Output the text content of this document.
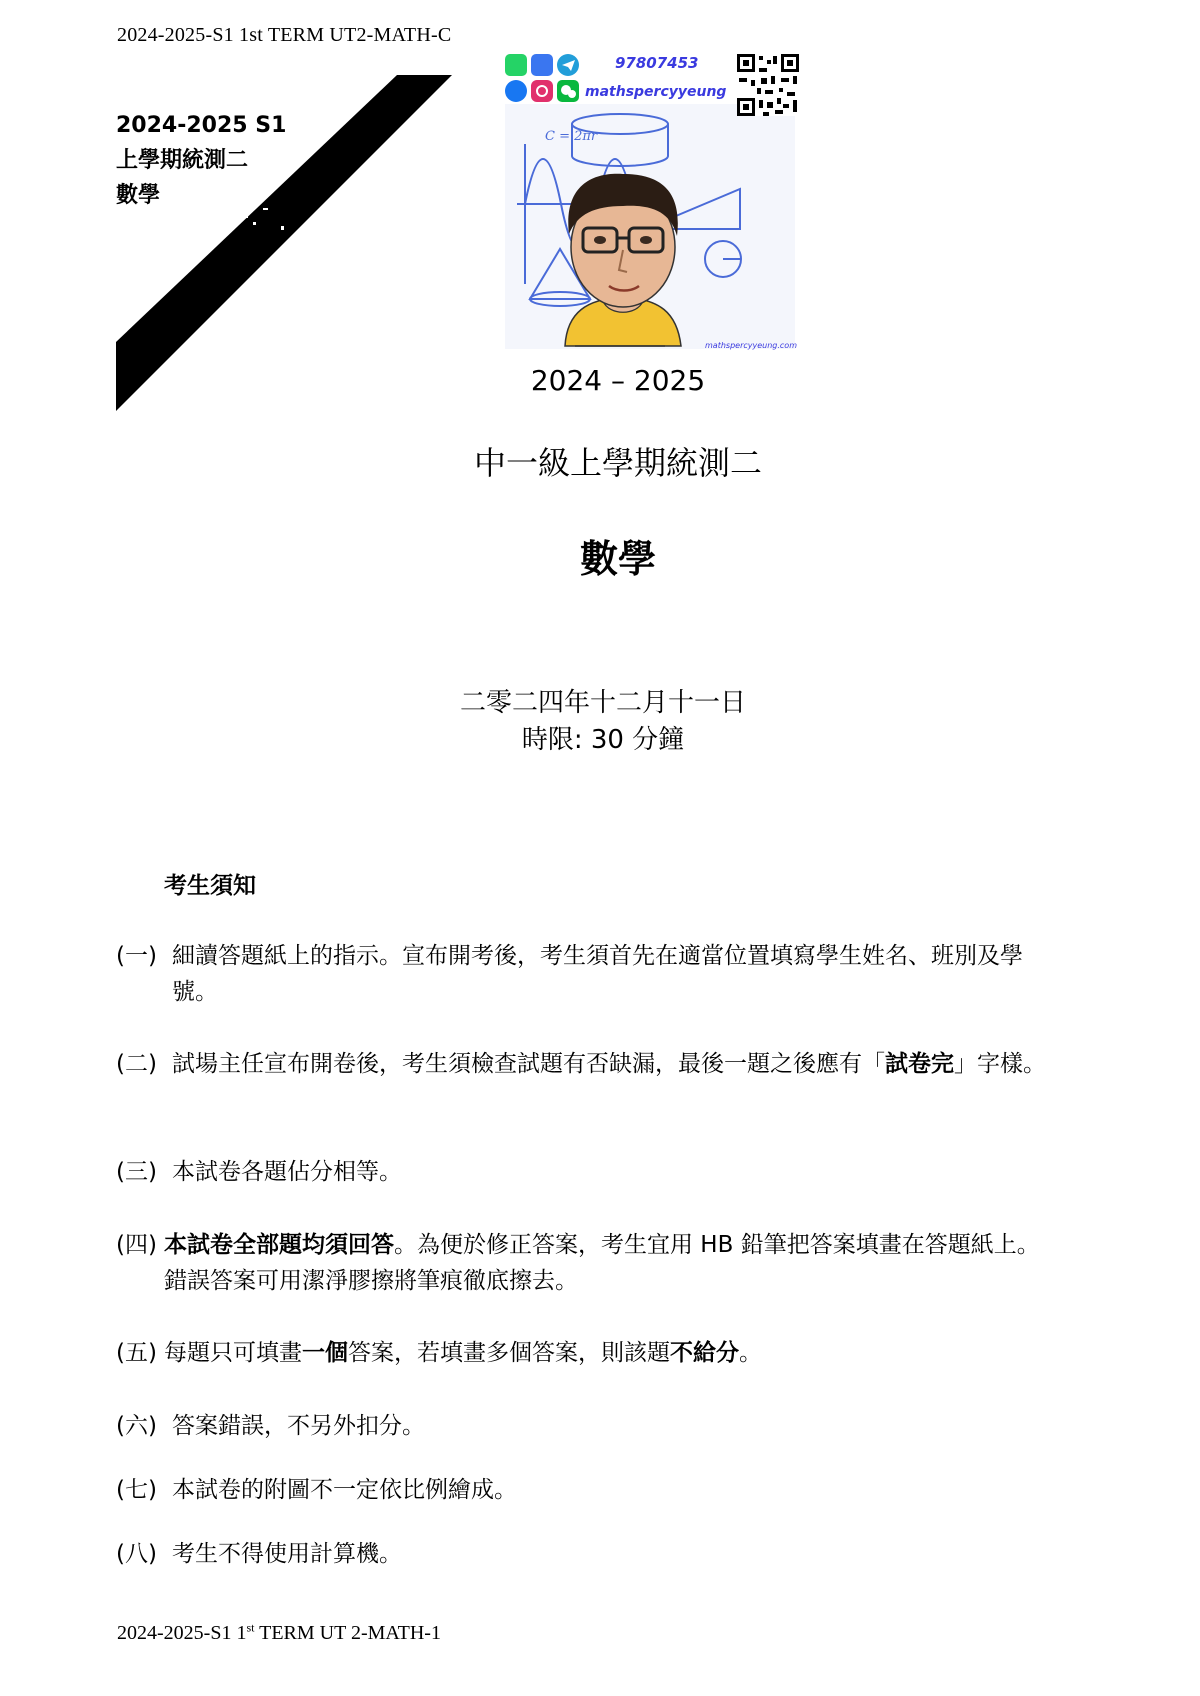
2024-2025-S1 1st TERM UT2-MATH-C
2024-2025 S1
上學期統測二
數學
C = 2πr
97807453
mathspercyyeung
mathspercyyeung.com
2024 – 2025
中一級上學期統測二
數學
二零二四年十二月十一日
時限: 30 分鐘
考生須知
(一) 細讀答題紙上的指示。宣布開考後，考生須首先在適當位置填寫學生姓名、班別及學號。
(二) 試場主任宣布開卷後，考生須檢查試題有否缺漏，最後一題之後應有「試卷完」字樣。
(三) 本試卷各題佔分相等。
(四) 本試卷全部題均須回答。為便於修正答案，考生宜用 HB 鉛筆把答案填畫在答題紙上。錯誤答案可用潔淨膠擦將筆痕徹底擦去。
(五) 每題只可填畫一個答案，若填畫多個答案，則該題不給分。
(六) 答案錯誤，不另外扣分。
(七) 本試卷的附圖不一定依比例繪成。
(八) 考生不得使用計算機。
2024-2025-S1 1st TERM UT 2-MATH-1
